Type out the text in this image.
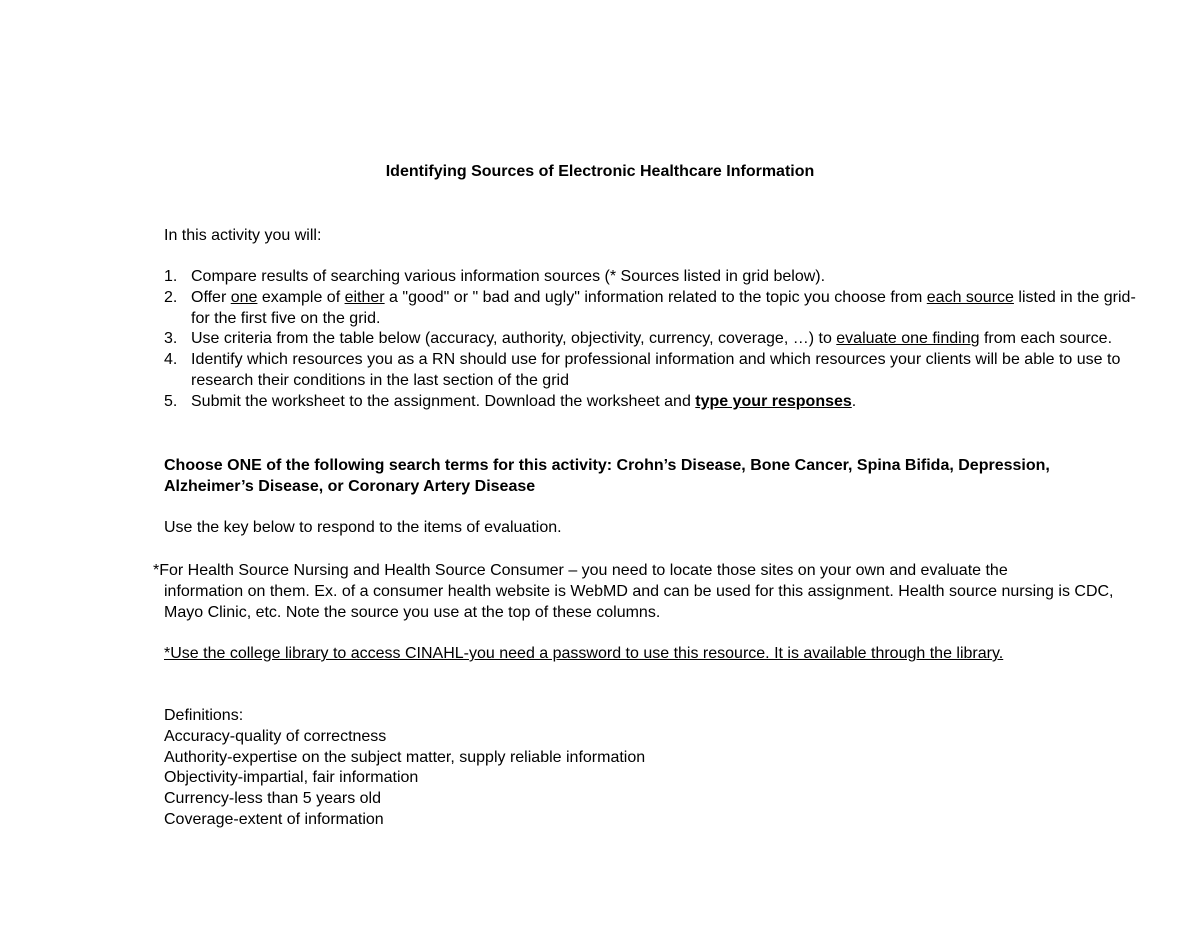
Identifying Sources of Electronic Healthcare Information
In this activity you will:
1. Compare results of searching various information sources (* Sources listed in grid below).
2. Offer one example of either a "good" or " bad and ugly" information related to the topic you choose from each source listed in the grid-for the first five on the grid.
3. Use criteria from the table below (accuracy, authority, objectivity, currency, coverage, …) to evaluate one finding from each source.
4. Identify which resources you as a RN should use for professional information and which resources your clients will be able to use to research their conditions in the last section of the grid
5. Submit the worksheet to the assignment. Download the worksheet and type your responses.
Choose ONE of the following search terms for this activity: Crohn’s Disease, Bone Cancer, Spina Bifida, Depression, Alzheimer’s Disease, or Coronary Artery Disease
Use the key below to respond to the items of evaluation.
*For Health Source Nursing and Health Source Consumer – you need to locate those sites on your own and evaluate the
information on them. Ex. of a consumer health website is WebMD and can be used for this assignment. Health source nursing is CDC, Mayo Clinic, etc. Note the source you use at the top of these columns.
*Use the college library to access CINAHL-you need a password to use this resource. It is available through the library.
Definitions:
Accuracy-quality of correctness
Authority-expertise on the subject matter, supply reliable information
Objectivity-impartial, fair information
Currency-less than 5 years old
Coverage-extent of information
